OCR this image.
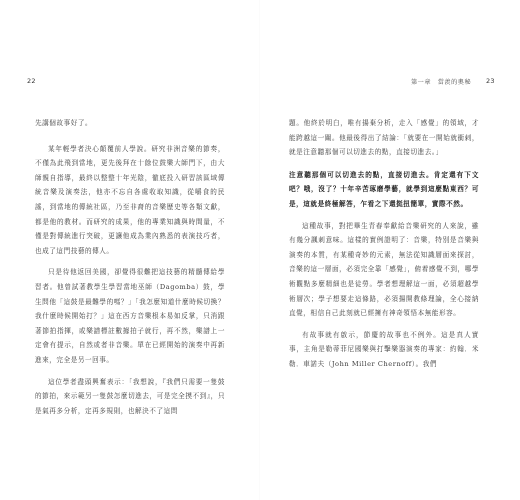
22

先講個故事好了。

某年輕學者決心顛覆前人學說。研究非洲音樂的節奏，不僅為此飛到當地，更先後拜在十餘位鼓樂大師門下，由大師親自指導，最終以整整十年光陰，徹底投入研習該區域傳統音樂及演奏法，他亦不忘自各處收取知識，從嚼食的民謠，到當地的傳統社區，乃至非裔的音樂歷史等各類文獻，都是他的教材。而研究的成果，他的專業知識與時間量，不僅是對傳統進行突破，更讓他成為業內熟悉的表演技巧者，也成了這門技藝的傳人。

只是待他返回美國，卻覺得很難把這技藝的精髓傳給學習者。他曾試著教學生學習當地巫師（Dagomba）鼓，學生問他「這鼓是最難學的嗎？」「我怎麼知道什麼時候切換？我什麼時候開始打？」這在西方音樂根本易如反掌，只消跟著節拍指揮，或樂譜標註數據拍子就行，再不然，樂譜上一定會有提示，自然或者非音樂。單在已經開始的演奏中再新進來，完全是另一回事。

這位學者盡頭興奮表示：「我想說，『我們只需要一隻鼓的節拍，來示範另一隻鼓怎麼切進去，可是完全摸不到』，只是氣再多分析，定再多規則，也解決不了這問

第一章　當羨的奧秘 23

題。他終於明白，唯有揚棄分析，走入「感覺」的領域，才能跨越這一關。他最後得出了結論：「就要在一開始就衝刺，就是注意聽那個可以切進去的點，直接切進去。」

注意聽那個可以切進去的點，直接切進去。肯定還有下文吧？哦，沒了？十年辛苦琢磨學藝，就學到這麼點東西？可是，這就是終極解答，乍看之下還挺扭簡單，實際不然。

這種故事，對把畢生青春奉獻給音樂研究的人來說，雖有幾分諷刺意味。這樣的實例證明了：音樂，特別是音樂與演奏的本質，有某種奇妙的元素，無法從知識層面來探討，音樂的這一層面，必須完全靠「感覺」，俯着感覺不到，哪學術觀點多麼精細也是徒勞。學者想理解這一面，必須超越學術層次；學子想要走這條路，必須揚開教條理論，全心接納直覺，相信自己此刻就已經擁有神奇領悟本無能形容。

有故事就有啟示，節慶的故事也不例外。這是真人實事，主角是勒蒂菲尼國樂與打擊樂器演奏的專家：約翰．米勒．車諾夫（John Miller Chernoff）。我們
